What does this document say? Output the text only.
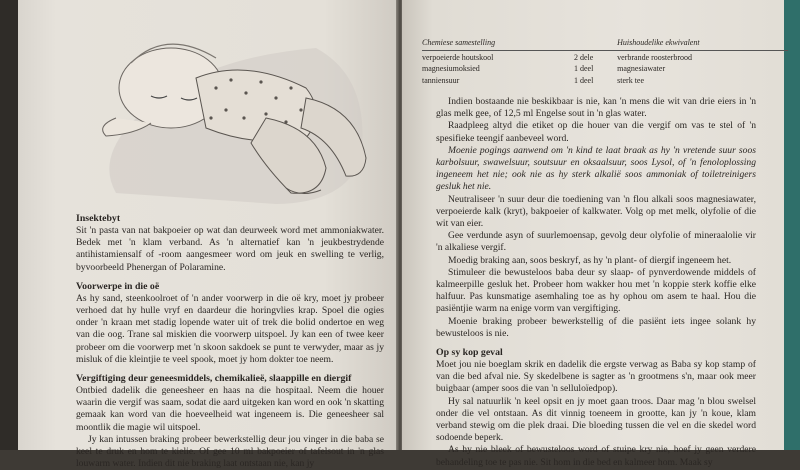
Insektebyt

Sit 'n pasta van nat bakpoeier op wat dan deurweek word met ammoniakwater. Bedek met 'n klam verband. As 'n alternatief kan 'n jeukbestrydende antihistamiensalf of -room aangesmeer word om jeuk en swelling te verlig, byvoorbeeld Phenergan of Polaramine.

Voorwerpe in die oë

As hy sand, steenkoolroet of 'n ander voorwerp in die oë kry, moet jy probeer verhoed dat hy hulle vryf en daardeur die horingvlies krap. Spoel die ogies onder 'n kraan met stadig lopende water uit of trek die bolid ondertoe en weg van die oog. Trane sal miskien die voorwerp uitspoel. Jy kan een of twee keer probeer om die voorwerp met 'n skoon sakdoek se punt te verwyder, maar as jy misluk of die kleintjie te veel spook, moet jy hom dokter toe neem.

Vergiftiging deur geneesmiddels, chemikalieë, slaappille en diergif

Ontbied dadelik die geneesheer en haas na die hospitaal. Neem die houer waarin die vergif was saam, sodat die aard uitgeken kan word en ook 'n skatting gemaak kan word van die hoeveelheid wat ingeneem is. Die geneesheer sal moontlik die magie wil uitspoel.

Jy kan intussen braking probeer bewerkstellig deur jou vinger in die baba se keel te druk en hom te kielie. Of gee 10 ml bakpoeier of tafelsout in 'n glas louwarm water. Indien dit nie braking laat ontstaan nie, kan jy

Chemiese samestelling		Huishoudelike ekwivalent
verpoeierde houtskool	2 dele	verbrande roosterbrood
magnesiumoksied	1 deel	magnesiawater
tanniensuur	1 deel	sterk tee

Indien bostaande nie beskikbaar is nie, kan 'n mens die wit van drie eiers in 'n glas melk gee, of 12,5 ml Engelse sout in 'n glas water.

Raadpleeg altyd die etiket op die houer van die vergif om vas te stel of 'n spesifieke teengif aanbeveel word.

Moenie pogings aanwend om 'n kind te laat braak as hy 'n vretende suur soos karbolsuur, swawelsuur, soutsuur en oksaalsuur, soos Lysol, of 'n fenoloplossing ingeneem het nie; ook nie as hy sterk alkalië soos ammoniak of toiletreinigers gesluk het nie.

Neutraliseer 'n suur deur die toediening van 'n flou alkali soos magnesiawater, verpoeierde kalk (kryt), bakpoeier of kalkwater. Volg op met melk, olyfolie of die wit van eier.

Gee verdunde asyn of suurlemoensap, gevolg deur olyfolie of mineraalolie vir 'n alkaliese vergif.

Moedig braking aan, soos beskryf, as hy 'n plant- of diergif ingeneem het.

Stimuleer die bewusteloos baba deur sy slaap- of pynverdowende middels of kalmeerpille gesluk het. Probeer hom wakker hou met 'n koppie sterk koffie elke halfuur. Pas kunsmatige asemhaling toe as hy ophou om asem te haal. Hou die pasiëntjie warm na enige vorm van vergiftiging.

Moenie braking probeer bewerkstellig of die pasiënt iets ingee solank hy bewusteloos is nie.

Op sy kop geval

Moet jou nie boeglam skrik en dadelik die ergste verwag as Baba sy kop stamp of van die bed afval nie. Sy skedelbene is sagter as 'n grootmens s'n, maar ook meer buigbaar (amper soos die van 'n selluloïedpop).

Hy sal natuurlik 'n keel opsit en jy moet gaan troos. Daar mag 'n blou swelsel onder die vel ontstaan. As dit vinnig toeneem in grootte, kan jy 'n koue, klam verband stewig om die plek draai. Die bloeding tussen die vel en die skedel word sodoende beperk.

As hy nie bleek of bewusteloos word of stuipe kry nie, hoef jy geen verdere behandeling toe te pas nie. Sit hom in die bed en kalmeer hom. Maak sy
